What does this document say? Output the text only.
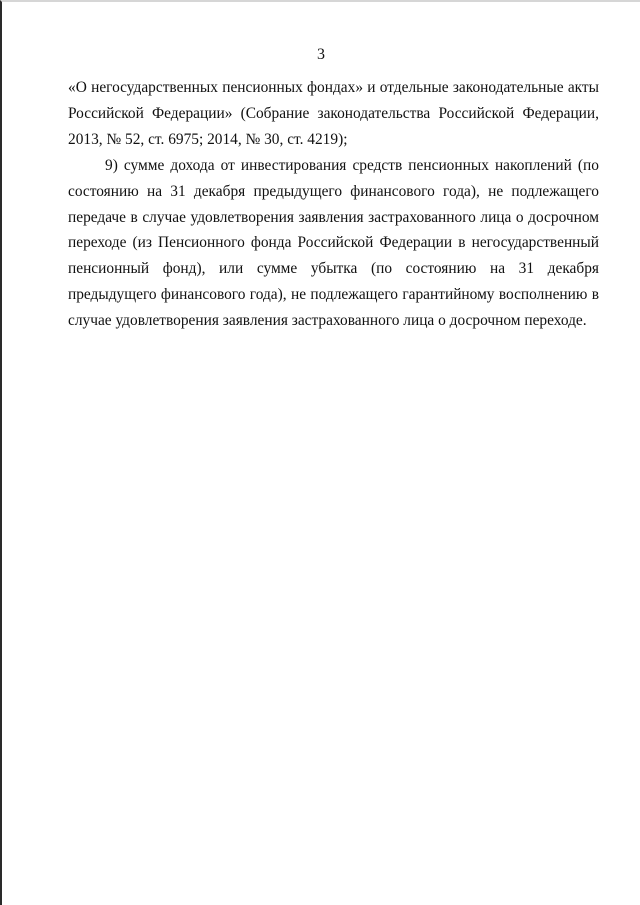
3

«О негосударственных пенсионных фондах» и отдельные законодательные акты Российской Федерации» (Собрание законодательства Российской Федерации, 2013, № 52, ст. 6975; 2014, № 30, ст. 4219);

9) сумме дохода от инвестирования средств пенсионных накоплений (по состоянию на 31 декабря предыдущего финансового года), не подлежащего передаче в случае удовлетворения заявления застрахованного лица о досрочном переходе (из Пенсионного фонда Российской Федерации в негосударственный пенсионный фонд), или сумме убытка (по состоянию на 31 декабря предыдущего финансового года), не подлежащего гарантийному восполнению в случае удовлетворения заявления застрахованного лица о досрочном переходе.
